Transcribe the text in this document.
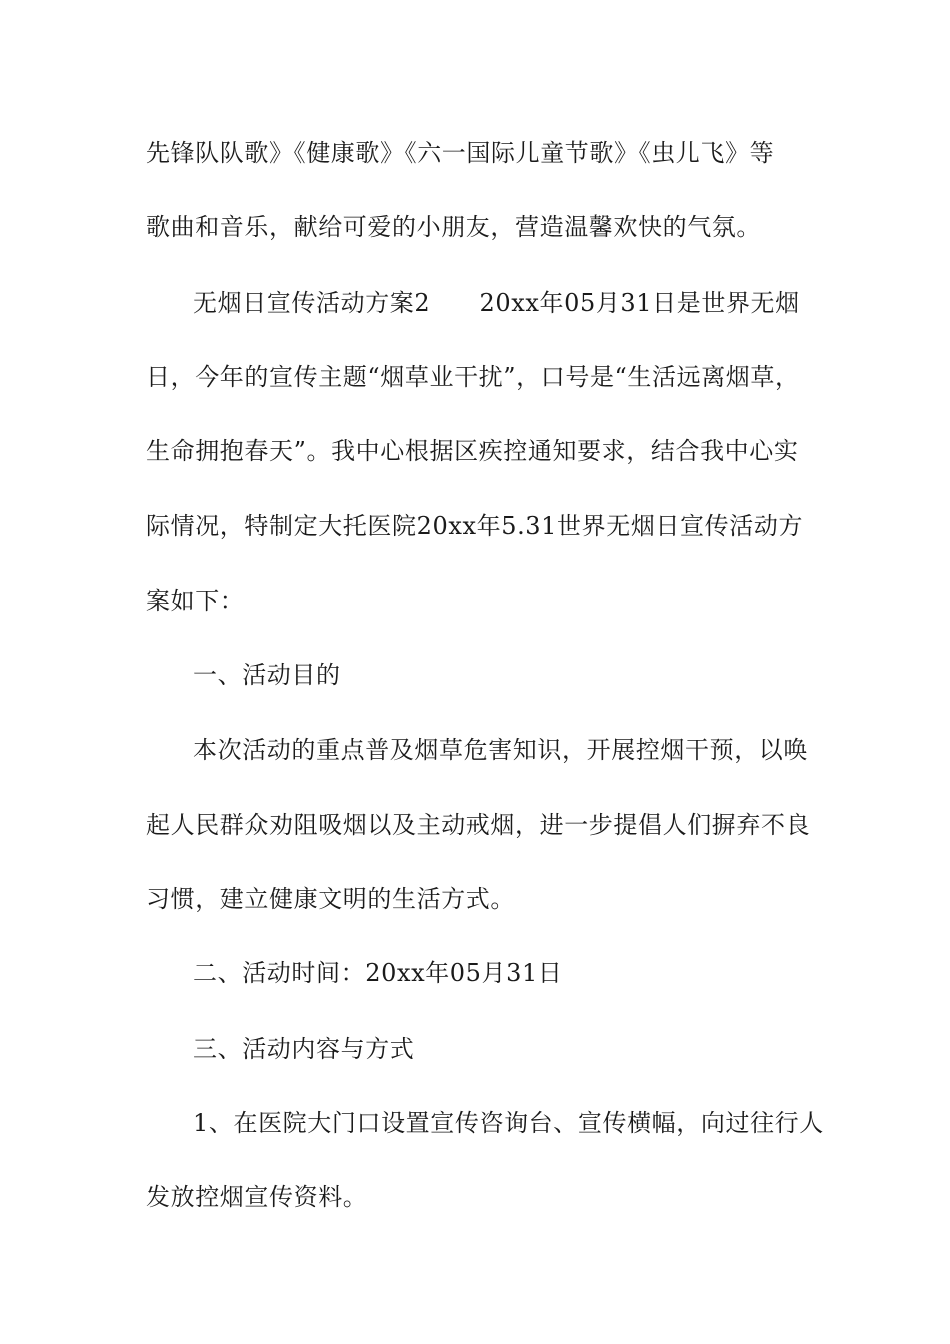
先锋队队歌》《健康歌》《六一国际儿童节歌》《虫儿飞》等
歌曲和音乐，献给可爱的小朋友，营造温馨欢快的气氛。
无烟日宣传活动方案2　　20xx年05月31日是世界无烟
日，今年的宣传主题“烟草业干扰”，口号是“生活远离烟草，
生命拥抱春天”。我中心根据区疾控通知要求，结合我中心实
际情况，特制定大托医院20xx年5.31世界无烟日宣传活动方
案如下：
一、活动目的
本次活动的重点普及烟草危害知识，开展控烟干预，以唤
起人民群众劝阻吸烟以及主动戒烟，进一步提倡人们摒弃不良
习惯，建立健康文明的生活方式。
二、活动时间：20xx年05月31日
三、活动内容与方式
1、在医院大门口设置宣传咨询台、宣传横幅，向过往行人
发放控烟宣传资料。
